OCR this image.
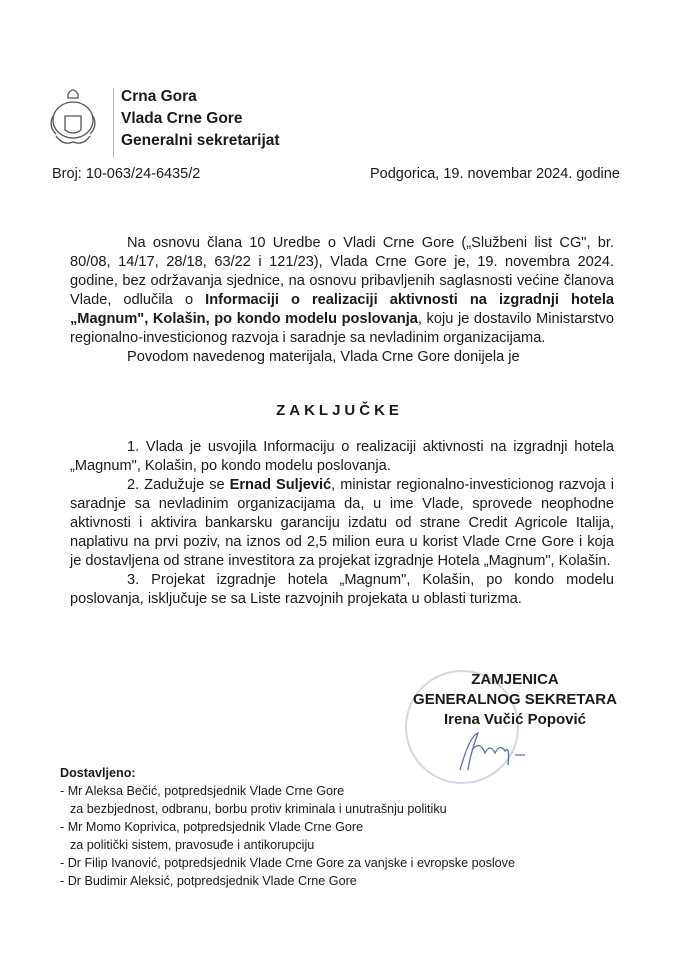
Crna Gora
Vlada Crne Gore
Generalni sekretarijat
Broj: 10-063/24-6435/2	Podgorica, 19. novembar 2024. godine

Na osnovu člana 10 Uredbe o Vladi Crne Gore („Službeni list CG", br. 80/08, 14/17, 28/18, 63/22 i 121/23), Vlada Crne Gore je, 19. novembra 2024. godine, bez održavanja sjednice, na osnovu pribavljenih saglasnosti većine članova Vlade, odlučila o Informaciji o realizaciji aktivnosti na izgradnji hotela „Magnum", Kolašin, po kondo modelu poslovanja, koju je dostavilo Ministarstvo regionalno-investicionog razvoja i saradnje sa nevladinim organizacijama.

Povodom navedenog materijala, Vlada Crne Gore donijela je

ZAKLJUČKE

1. Vlada je usvojila Informaciju o realizaciji aktivnosti na izgradnji hotela „Magnum", Kolašin, po kondo modelu poslovanja.

2. Zadužuje se Ernad Suljević, ministar regionalno-investicionog razvoja i saradnje sa nevladinim organizacijama da, u ime Vlade, sprovede neophodne aktivnosti i aktivira bankarsku garanciju izdatu od strane Credit Agricole Italija, naplativu na prvi poziv, na iznos od 2,5 milion eura u korist Vlade Crne Gore i koja je dostavljena od strane investitora za projekat izgradnje Hotela „Magnum", Kolašin.

3. Projekat izgradnje hotela „Magnum", Kolašin, po kondo modelu poslovanja, isključuje se sa Liste razvojnih projekata u oblasti turizma.

ZAMJENICA
GENERALNOG SEKRETARA
Irena Vučić Popović
Dostavljeno:
- Mr Aleksa Bečić, potpredsjednik Vlade Crne Gore
za bezbjednost, odbranu, borbu protiv kriminala i unutrašnju politiku
- Mr Momo Koprivica, potpredsjednik Vlade Crne Gore
za politički sistem, pravosuđe i antikorupciju
- Dr Filip Ivanović, potpredsjednik Vlade Crne Gore za vanjske i evropske poslove
- Dr Budimir Aleksić, potpredsjednik Vlade Crne Gore
